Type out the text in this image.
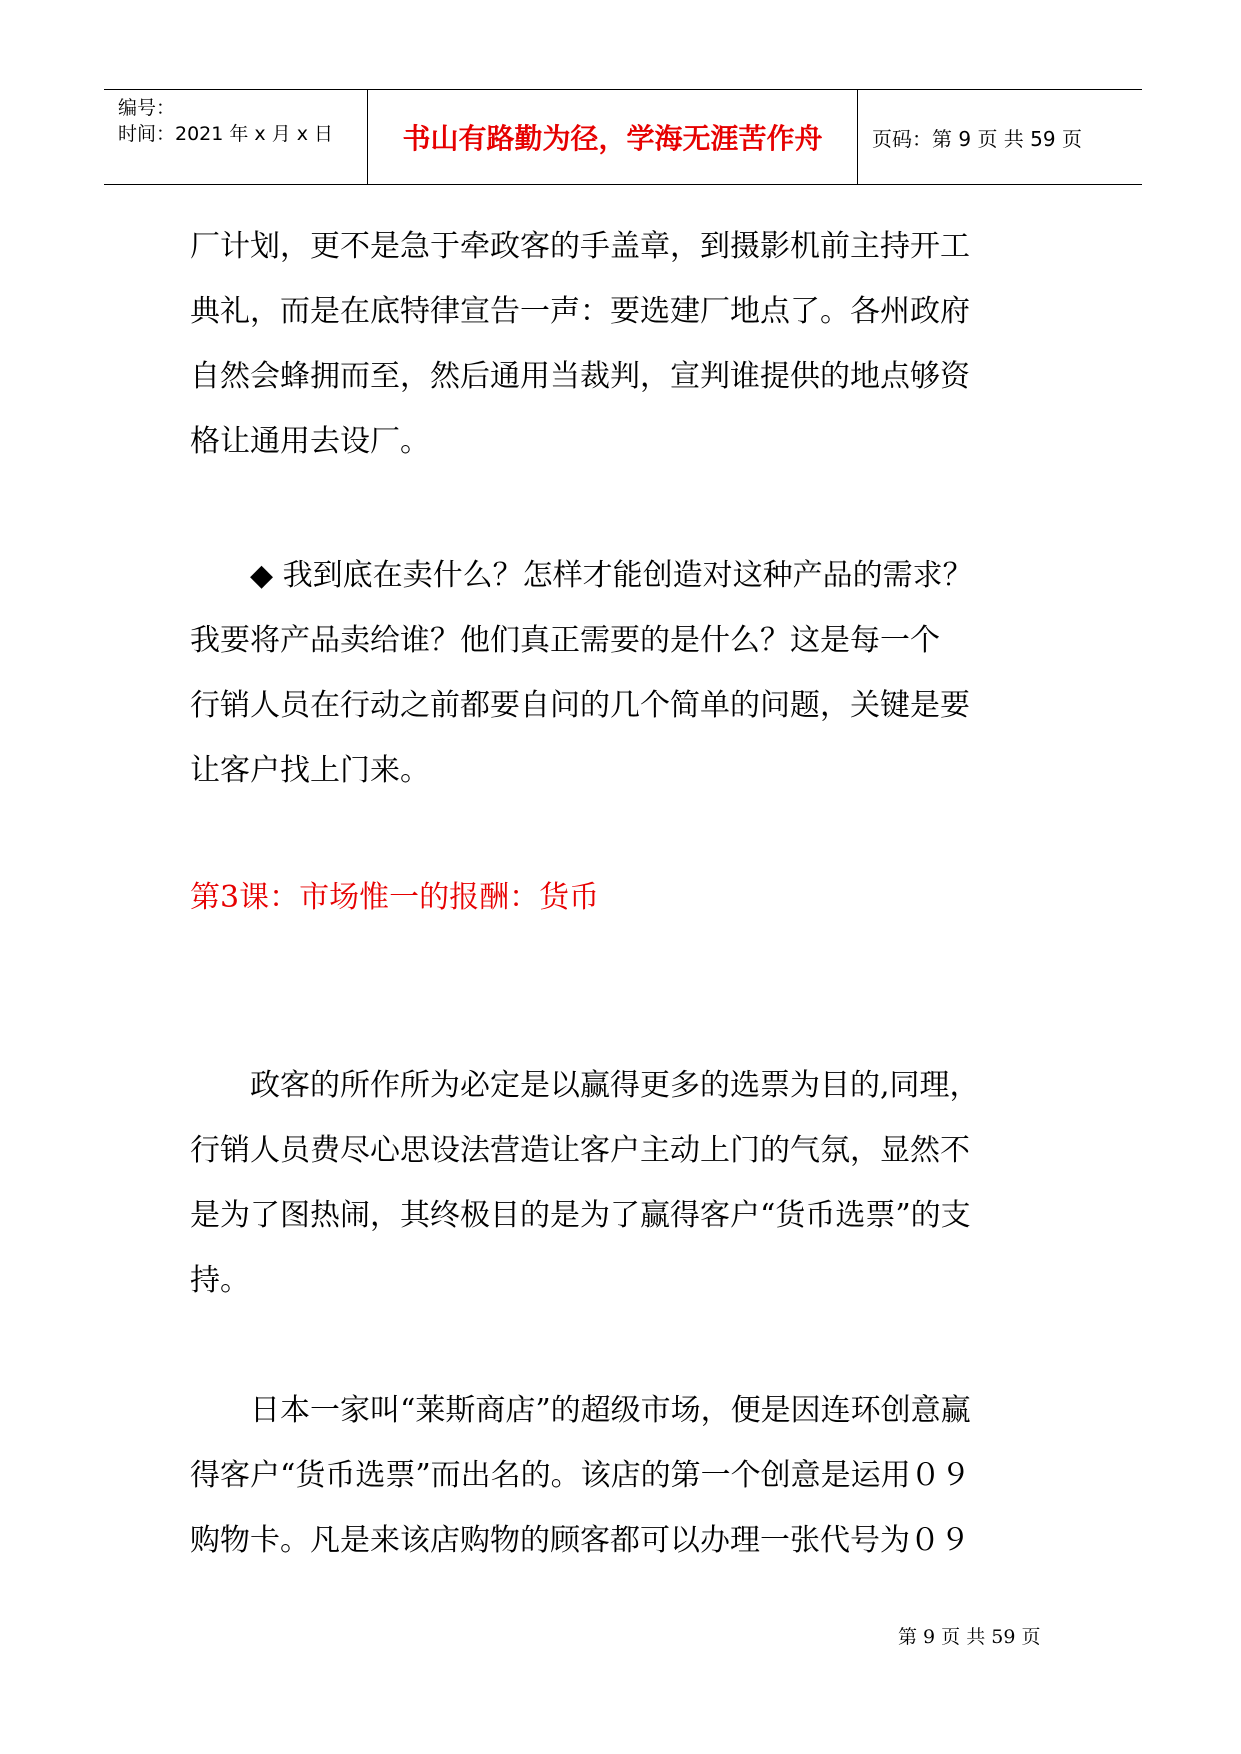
编号：
时间：2021 年 x 月 x 日	书山有路勤为径，学海无涯苦作舟	页码：第 9 页 共 59 页
厂计划，更不是急于牵政客的手盖章，到摄影机前主持开工
典礼，而是在底特律宣告一声：要选建厂地点了。各州政府
自然会蜂拥而至，然后通用当裁判，宣判谁提供的地点够资
格让通用去设厂。
　　◆ 我到底在卖什么？怎样才能创造对这种产品的需求？
我要将产品卖给谁？他们真正需要的是什么？这是每一个
行销人员在行动之前都要自问的几个简单的问题，关键是要
让客户找上门来。
第3课：市场惟一的报酬：货币
　　政客的所作所为必定是以赢得更多的选票为目的,同理，
行销人员费尽心思设法营造让客户主动上门的气氛，显然不
是为了图热闹，其终极目的是为了赢得客户“货币选票”的支
持。
　　日本一家叫“莱斯商店”的超级市场，便是因连环创意赢
得客户“货币选票”而出名的。该店的第一个创意是运用０９
购物卡。凡是来该店购物的顾客都可以办理一张代号为０９
第 9 页 共 59 页
